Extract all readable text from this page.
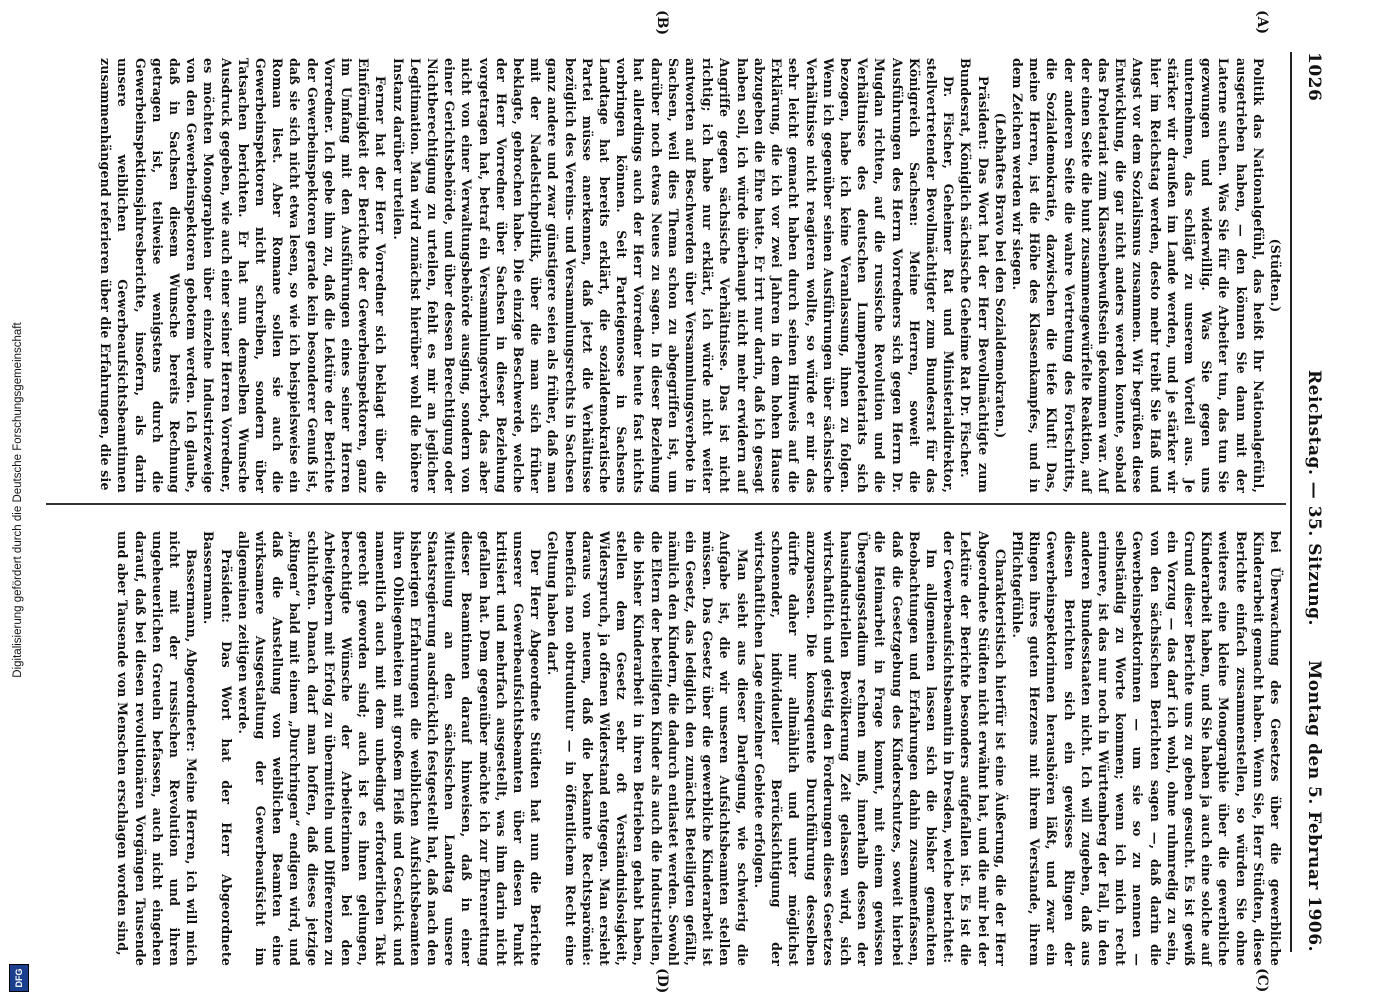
1026
Reichstag. — 35. Sitzung.
Montag den 5. Februar 1906.
(A)
(B)
(C)
(D)

(Stüdten.)

Politik das Nationalgefühl, das heißt Ihr Nationalgefühl, ausgetrieben haben, — den können Sie dann mit der Laterne suchen. Was Sie für die Arbeiter tun, das tun Sie gezwungen und widerwillig. Was Sie gegen uns unternehmen, das schlägt zu unserem Vorteil aus. Je stärker wir draußen im Lande werden, und je stärker wir hier im Reichstag werden, desto mehr treibt Sie Haß und Angst vor dem Sozialismus zusammen. Wir begrüßen diese Entwicklung, die gar nicht anders werden konnte, sobald das Proletariat zum Klassenbewußtsein gekommen war. Auf der einen Seite die bunt zusammengewürfelte Reaktion, auf der anderen Seite die wahre Vertretung des Fortschritts, die Sozialdemokratie, dazwischen die tiefe Kluft! Das, meine Herren, ist die Höhe des Klassenkampfes, und in dem Zeichen werden wir siegen.

(Lebhaftes Bravo bei den Sozialdemokraten.)

Präsident: Das Wort hat der Herr Bevollmächtigte zum Bundesrat, Königlich sächsische Geheime Rat Dr. Fischer.

Dr. Fischer, Geheimer Rat und Ministerialdirektor, stellvertretender Bevollmächtigter zum Bundesrat für das Königreich Sachsen: Meine Herren, soweit die Ausführungen des Herrn Vorredners sich gegen Herrn Dr. Mugdan richten, auf die russische Revolution und die Verhältnisse des deutschen Lumpenproletariats sich bezogen, habe ich keine Veranlassung, ihnen zu folgen. Wenn ich gegenüber seinen Ausführungen über sächsische Verhältnisse nicht reagieren wollte, so würde er mir das sehr leicht gemacht haben durch seinen Hinweis auf die Erklärung, die ich vor zwei Jahren in dem hohen Hause abzugeben die Ehre hatte. Er irrt nur darin, daß ich gesagt haben soll, ich würde überhaupt nicht mehr erwidern auf Angriffe gegen sächsische Verhältnisse. Das ist nicht richtig; ich habe nur erklärt, ich würde nicht weiter antworten auf Beschwerden über Versammlungsverbote in Sachsen, weil dies Thema schon zu abgegriffen ist, um darüber noch etwas Neues zu sagen. In dieser Beziehung hat allerdings auch der Herr Vorredner heute fast nichts vorbringen können. Seit Parteigenosse in Sachsens Landtage hat bereits erklärt, die sozialdemokratische Partei müsse anerkennen, daß jetzt die Verhältnisse bezüglich des Vereins- und Versammlungsrechts in Sachsen ganz andere und zwar günstigere seien als früher, daß man mit der Nadelstichpolitik, über die man sich früher beklagte, gebrochen habe. Die einzige Beschwerde, welche der Herr Vorredner über Sachsen in dieser Beziehung vorgetragen hat, betraf ein Versammlungsverbot, das aber nicht von einer Verwaltungsbehörde ausging, sondern von einer Gerichtsbehörde, und über dessen Berechtigung oder Nichtberechtigung zu urteilen, fehlt es mir an jeglicher Legitimation. Man wird zunächst hierüber wohl die höhere Instanz darüber urteilen.

Ferner hat der Herr Vorredner sich beklagt über die Einförmigkeit der Berichte der Gewerbeinspektoren, ganz im Umfang mit den Ausführungen eines seiner Herren Vorredner. Ich gebe ihm zu, daß die Lektüre der Berichte der Gewerbeinspektoren gerade kein besonderer Genuß ist, daß sie sich nicht etwa lesen, so wie ich beispielsweise ein Roman liest. Aber Romane sollen sie auch die Gewerbeinspektoren nicht schreiben, sondern über Tatsachen berichten. Er hat nun demselben Wunsche Ausdruck gegeben, wie auch einer seiner Herren Vorredner, es möchten Monographien über einzelne Industriezweige von den Gewerbeinspektoren gebotem werden. Ich glaube, daß in Sachsen diesem Wunsche bereits Rechnung getragen ist, teilweise wenigstens durch die Gewerbeinspektionsjahresberichte, insofern, als darin unsere weiblichen Gewerbeaufsichtsbeamtinnen zusammenhängend referieren über die Erfahrungen, die sie

bei Überwachung des Gesetzes über die gewerbliche Kinderarbeit gemacht haben. Wenn Sie, Herr Stüdten, diese Berichte einfach zusammenstellen, so würden Sie ohne weiteres eine kleine Monographie über die gewerbliche Kinderarbeit haben, und Sie haben ja auch eine solche auf Grund dieser Berichte uns zu geben gesucht. Es ist gewiß ein Vorzug — das darf ich wohl, ohne ruhmredig zu sein, von den sächsischen Berichten sagen —, daß darin die Gewerbeinspektorinnen — um sie so zu nennen — selbständig zu Worte kommen; wenn ich mich recht erinnere, ist das nur noch in Württemberg der Fall, in den anderen Bundesstaaten nicht. Ich will zugeben, daß aus diesen Berichten sich ein gewisses Ringen der Gewerbeinspektorinnen heraushören läßt, und zwar ein Ringen ihres guten Herzens mit ihrem Verstande, ihrem Pflichtgefühle.

Charakteristisch hierfür ist eine Äußerung, die der Herr Abgeordnete Stüdten nicht erwähnt hat, und die mir bei der Lektüre der Berichte besonders aufgefallen ist. Es ist die der Gewerbeaufsichtsbeamtin in Dresden, welche berichtet:

Im allgemeinen lassen sich die bisher gemachten Beobachtungen und Erfahrungen dahin zusammenfassen, daß die Gesetzgebung des Kinderschutzes, soweit hierbei die Heimarbeit in Frage kommt, mit einem gewissen Übergangsstadium rechnen muß, innerhalb dessen der hausindustriellen Bevölkerung Zeit gelassen wird, sich wirtschaftlich und geistig den Forderungen dieses Gesetzes anzupassen. Die konsequente Durchführung desselben dürfte daher nur allmählich und unter möglichst schonender, individueller Berücksichtigung der wirtschaftlichen Lage einzelner Gebiete erfolgen.

Man sieht aus dieser Darlegung, wie schwierig die Aufgabe ist, die wir unseren Aufsichtsbeamten stellen müssen. Das Gesetz über die gewerbliche Kinderarbeit ist ein Gesetz, das lediglich den zunächst Beteiligten gefällt, nämlich den Kindern, die dadurch entlastet werden. Sowohl die Eltern der beteiligten Kinder als auch die Industriellen, die bisher Kinderarbeit in ihren Betrieben gehabt haben, stellen dem Gesetz sehr oft Verständnislosigkeit, Widerspruch, ja offenen Widerstand entgegen. Man ersieht daraus von neuem, daß die bekannte Rechtsparömie: beneficia non obtruduntur — in öffentlichem Recht eine Geltung haben darf.

Der Herr Abgeordnete Stüdten hat nun die Berichte unserer Gewerbeaufsichtsbeamten über diesen Punkt kritisiert und mehrfach ausgestellt, was ihm darin nicht gefallen hat. Dem gegenüber möchte ich zur Ehrenrettung dieser Beamtinnen darauf hinweisen, daß in einer Mitteilung an den sächsischen Landtag unsere Staatsregierung ausdrücklich festgestellt hat, daß nach den bisherigen Erfahrungen die weiblichen Aufsichtsbeamten ihren Obliegenheiten mit großem Fleiß und Geschick und namentlich auch mit dem unbedingt erforderlichen Takt gerecht geworden sind; auch ist es ihnen gelungen, berechtigte Wünsche der Arbeiterinnen bei den Arbeitgebern mit Erfolg zu übermitteln und Differenzen zu schlichten. Danach darf man hoffen, daß dieses jetzige „Ringen“ bald mit einem „Durchringen“ endigen wird, und daß die Anstellung von weiblichen Beamten eine wirksamere Ausgestaltung der Gewerbeaufsicht im allgemeinen zeitigen werde.

Präsident: Das Wort hat der Herr Abgeordnete Bassermann.

Bassermann, Abgeordneter: Meine Herren, ich will mich nicht mit der russischen Revolution und ihren ungeheuerlichen Greueln befassen, auch nicht eingehen darauf, daß bei diesen revolutionären Vorgängen Tausende und aber Tausende von Menschen erschlagen worden sind,

Digitalisierung gefördert durch die Deutsche Forschungsgemeinschaft
DFG
